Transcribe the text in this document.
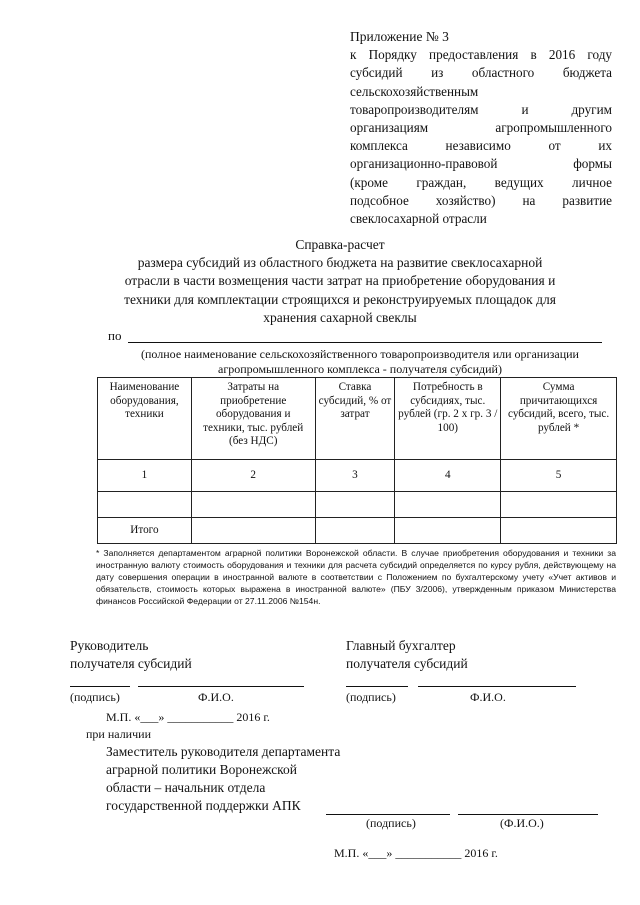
Приложение № 3
к Порядку предоставления в 2016 году
субсидий из областного бюджета
сельскохозяйственным
товаропроизводителям и другим
организациям агропромышленного
комплекса независимо от их
организационно-правовой формы
(кроме граждан, ведущих личное
подсобное хозяйство) на развитие
свеклосахарной отрасли
Справка-расчет
размера субсидий из областного бюджета на развитие свеклосахарной
отрасли в части возмещения части затрат на приобретение оборудования и
техники для комплектации строящихся и реконструируемых площадок для
хранения сахарной свеклы
по
(полное наименование сельскохозяйственного товаропроизводителя или организации
агропромышленного комплекса - получателя субсидий)
Наименование оборудования, техники	Затраты на приобретение оборудования и техники, тыс. рублей (без НДС)	Ставка субсидий, % от затрат	Потребность в субсидиях, тыс. рублей (гр. 2 х гр. 3 / 100)	Сумма причитающихся субсидий, всего, тыс. рублей *
1	2	3	4	5

Итого				
* Заполняется департаментом аграрной политики Воронежской области. В случае приобретения оборудования и техники за иностранную валюту стоимость оборудования и техники для расчета субсидий определяется по курсу рубля, действующему на дату совершения операции в иностранной валюте в соответствии с Положением по бухгалтерскому учету «Учет активов и обязательств, стоимость которых выражена в иностранной валюте» (ПБУ 3/2006), утвержденным приказом Министерства финансов Российской Федерации от 27.11.2006 №154н.
Руководитель
получателя субсидий
(подпись)	Ф.И.О.
Главный бухгалтер
получателя субсидий
(подпись)	Ф.И.О.
М.П. «___» ___________ 2016 г.
при наличии
Заместитель руководителя департамента
аграрной политики Воронежской
области – начальник отдела
государственной поддержки АПК
(подпись)	(Ф.И.О.)
М.П. «___» ___________ 2016 г.
